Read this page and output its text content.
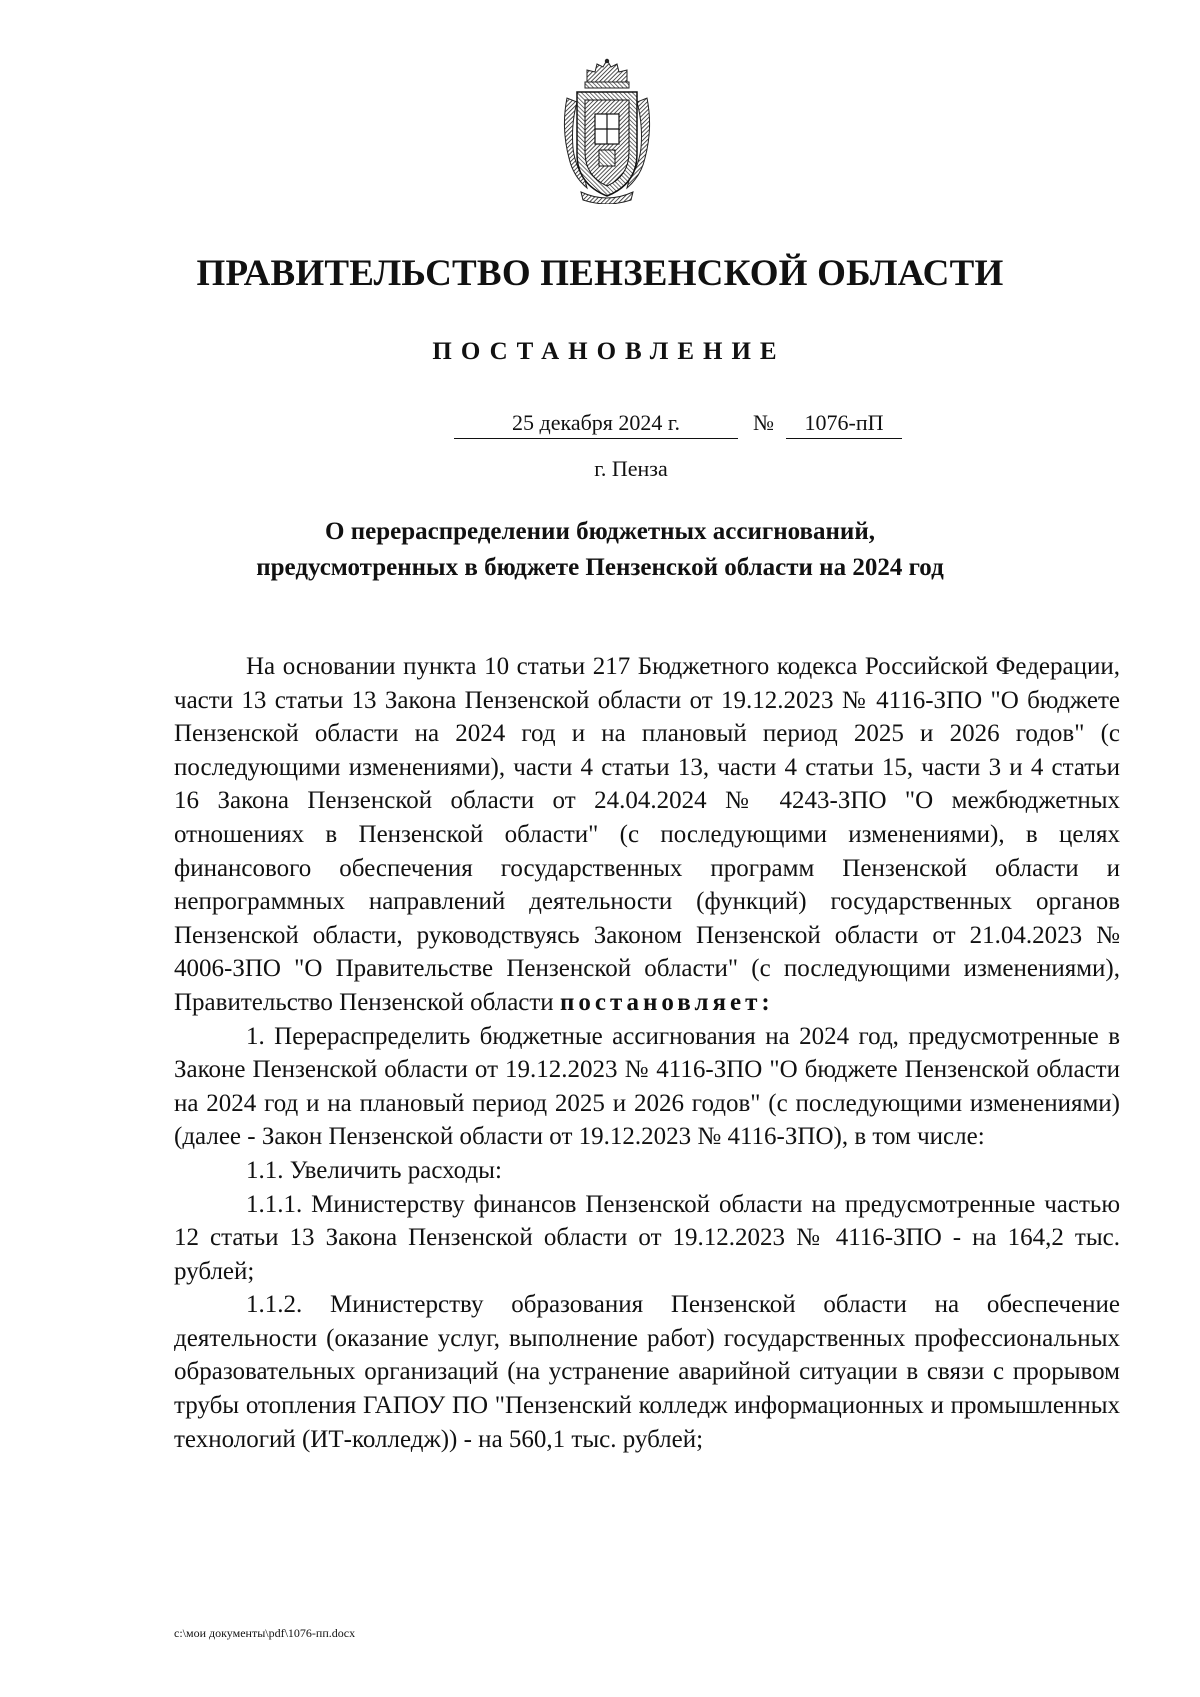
ПРАВИТЕЛЬСТВО ПЕНЗЕНСКОЙ ОБЛАСТИ
ПОСТАНОВЛЕНИЕ
25 декабря 2024 г.	№	1076-пП
г. Пенза
О перераспределении бюджетных ассигнований,
предусмотренных в бюджете Пензенской области на 2024 год

На основании пункта 10 статьи 217 Бюджетного кодекса Российской Федерации, части 13 статьи 13 Закона Пензенской области от 19.12.2023 № 4116-ЗПО "О бюджете Пензенской области на 2024 год и на плановый период 2025 и 2026 годов" (с последующими изменениями), части 4 статьи 13, части 4 статьи 15, части 3 и 4 статьи 16 Закона Пензенской области от 24.04.2024 № 4243-ЗПО "О межбюджетных отношениях в Пензенской области" (с последующими изменениями), в целях финансового обеспечения государственных программ Пензенской области и непрограммных направлений деятельности (функций) государственных органов Пензенской области, руководствуясь Законом Пензенской области от 21.04.2023 № 4006-ЗПО "О Правительстве Пензенской области" (с последующими изменениями), Правительство Пензенской области постановляет:

1. Перераспределить бюджетные ассигнования на 2024 год, предусмотренные в Законе Пензенской области от 19.12.2023 № 4116-ЗПО "О бюджете Пензенской области на 2024 год и на плановый период 2025 и 2026 годов" (с последующими изменениями) (далее - Закон Пензенской области от 19.12.2023 № 4116-ЗПО), в том числе:

1.1. Увеличить расходы:

1.1.1. Министерству финансов Пензенской области на предусмотренные частью 12 статьи 13 Закона Пензенской области от 19.12.2023 № 4116-ЗПО - на 164,2 тыс. рублей;

1.1.2. Министерству образования Пензенской области на обеспечение деятельности (оказание услуг, выполнение работ) государственных профессиональных образовательных организаций (на устранение аварийной ситуации в связи с прорывом трубы отопления ГАПОУ ПО "Пензенский колледж информационных и промышленных технологий (ИТ-колледж)) - на 560,1 тыс. рублей;

c:\мои документы\pdf\1076-пп.docx
